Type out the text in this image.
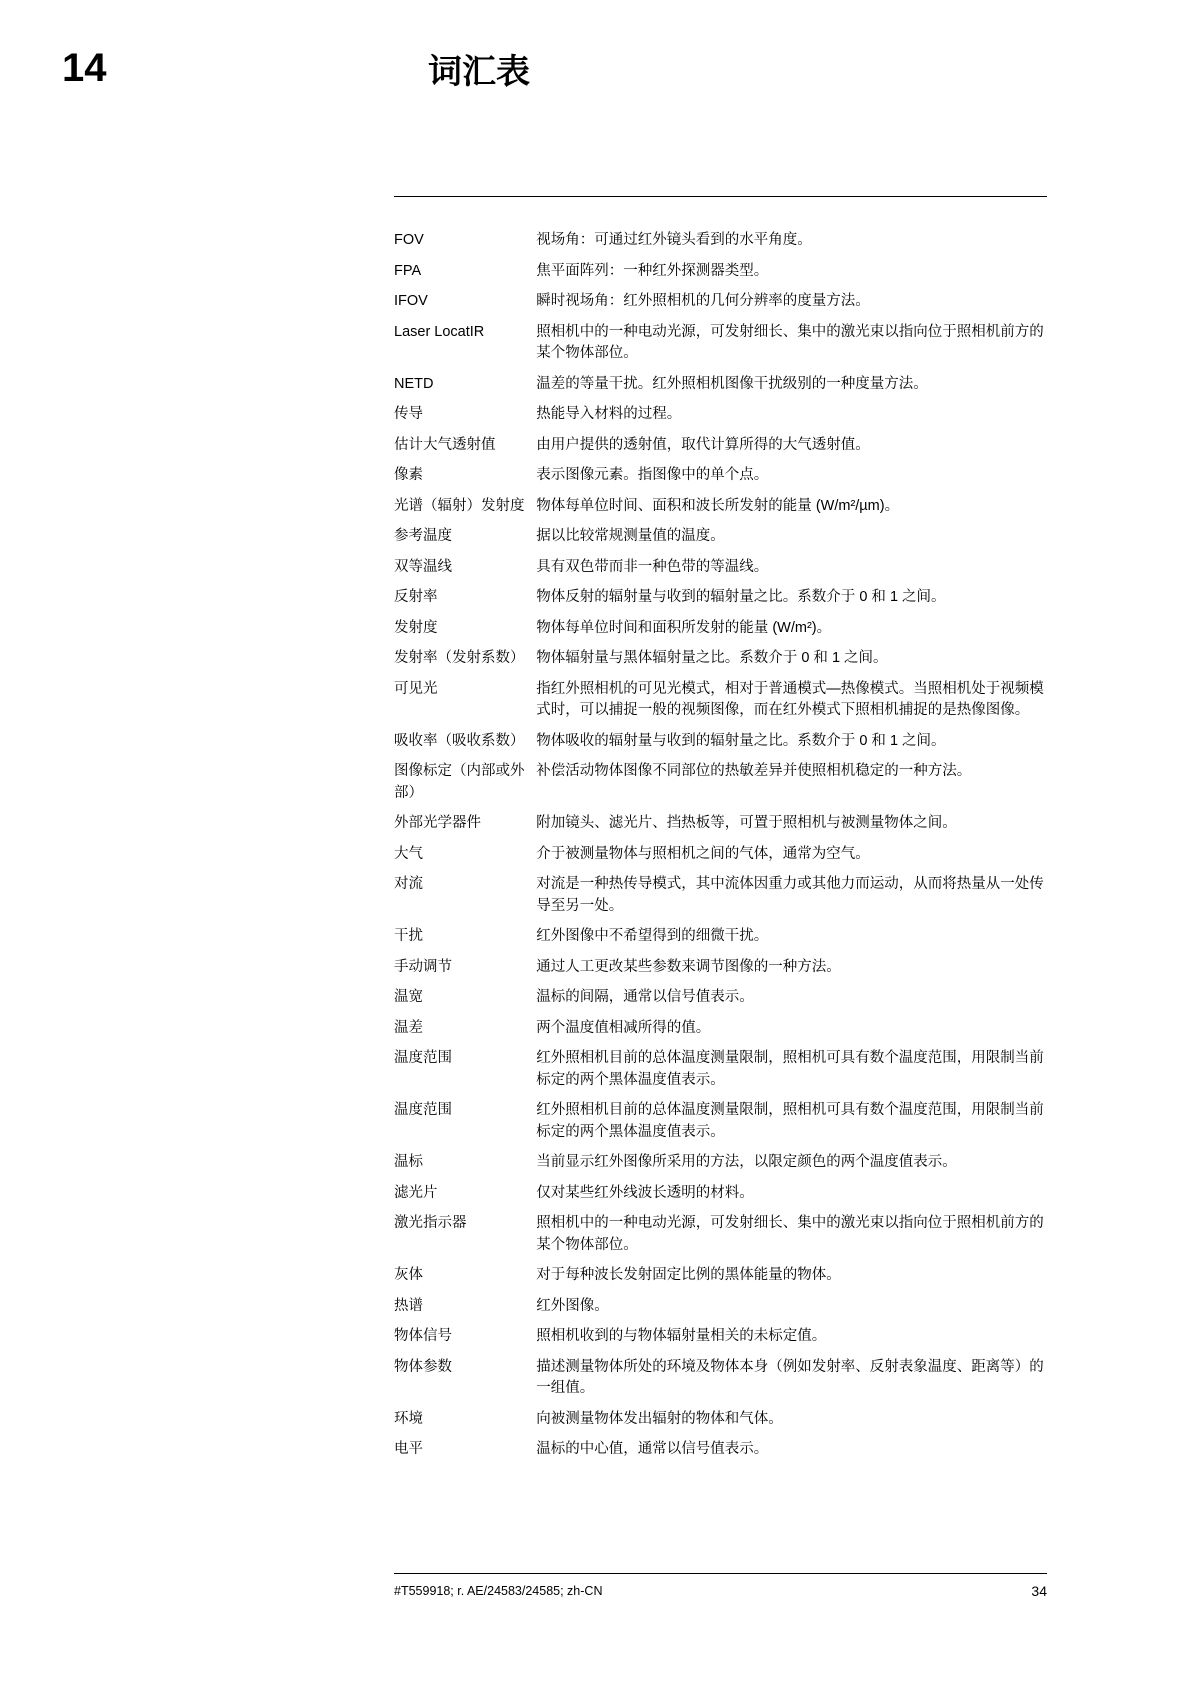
14	词汇表
FOV	视场角：可通过红外镜头看到的水平角度。
FPA	焦平面阵列：一种红外探测器类型。
IFOV	瞬时视场角：红外照相机的几何分辨率的度量方法。
Laser LocatIR	照相机中的一种电动光源，可发射细长、集中的激光束以指向位于照相机前方的某个物体部位。
NETD	温差的等量干扰。红外照相机图像干扰级别的一种度量方法。
传导	热能导入材料的过程。
估计大气透射值	由用户提供的透射值，取代计算所得的大气透射值。
像素	表示图像元素。指图像中的单个点。
光谱（辐射）发射度	物体每单位时间、面积和波长所发射的能量 (W/m²/µm)。
参考温度	据以比较常规测量值的温度。
双等温线	具有双色带而非一种色带的等温线。
反射率	物体反射的辐射量与收到的辐射量之比。系数介于 0 和 1 之间。
发射度	物体每单位时间和面积所发射的能量 (W/m²)。
发射率（发射系数）	物体辐射量与黑体辐射量之比。系数介于 0 和 1 之间。
可见光	指红外照相机的可见光模式，相对于普通模式—热像模式。当照相机处于视频模式时，可以捕捉一般的视频图像，而在红外模式下照相机捕捉的是热像图像。
吸收率（吸收系数）	物体吸收的辐射量与收到的辐射量之比。系数介于 0 和 1 之间。
图像标定（内部或外部）	补偿活动物体图像不同部位的热敏差异并使照相机稳定的一种方法。
外部光学器件	附加镜头、滤光片、挡热板等，可置于照相机与被测量物体之间。
大气	介于被测量物体与照相机之间的气体，通常为空气。
对流	对流是一种热传导模式，其中流体因重力或其他力而运动，从而将热量从一处传导至另一处。
干扰	红外图像中不希望得到的细微干扰。
手动调节	通过人工更改某些参数来调节图像的一种方法。
温宽	温标的间隔，通常以信号值表示。
温差	两个温度值相减所得的值。
温度范围	红外照相机目前的总体温度测量限制，照相机可具有数个温度范围，用限制当前标定的两个黑体温度值表示。
温度范围	红外照相机目前的总体温度测量限制，照相机可具有数个温度范围，用限制当前标定的两个黑体温度值表示。
温标	当前显示红外图像所采用的方法，以限定颜色的两个温度值表示。
滤光片	仅对某些红外线波长透明的材料。
激光指示器	照相机中的一种电动光源，可发射细长、集中的激光束以指向位于照相机前方的某个物体部位。
灰体	对于每种波长发射固定比例的黑体能量的物体。
热谱	红外图像。
物体信号	照相机收到的与物体辐射量相关的未标定值。
物体参数	描述测量物体所处的环境及物体本身（例如发射率、反射表象温度、距离等）的一组值。
环境	向被测量物体发出辐射的物体和气体。
电平	温标的中心值，通常以信号值表示。
#T559918; r. AE/24583/24585; zh-CN	34
